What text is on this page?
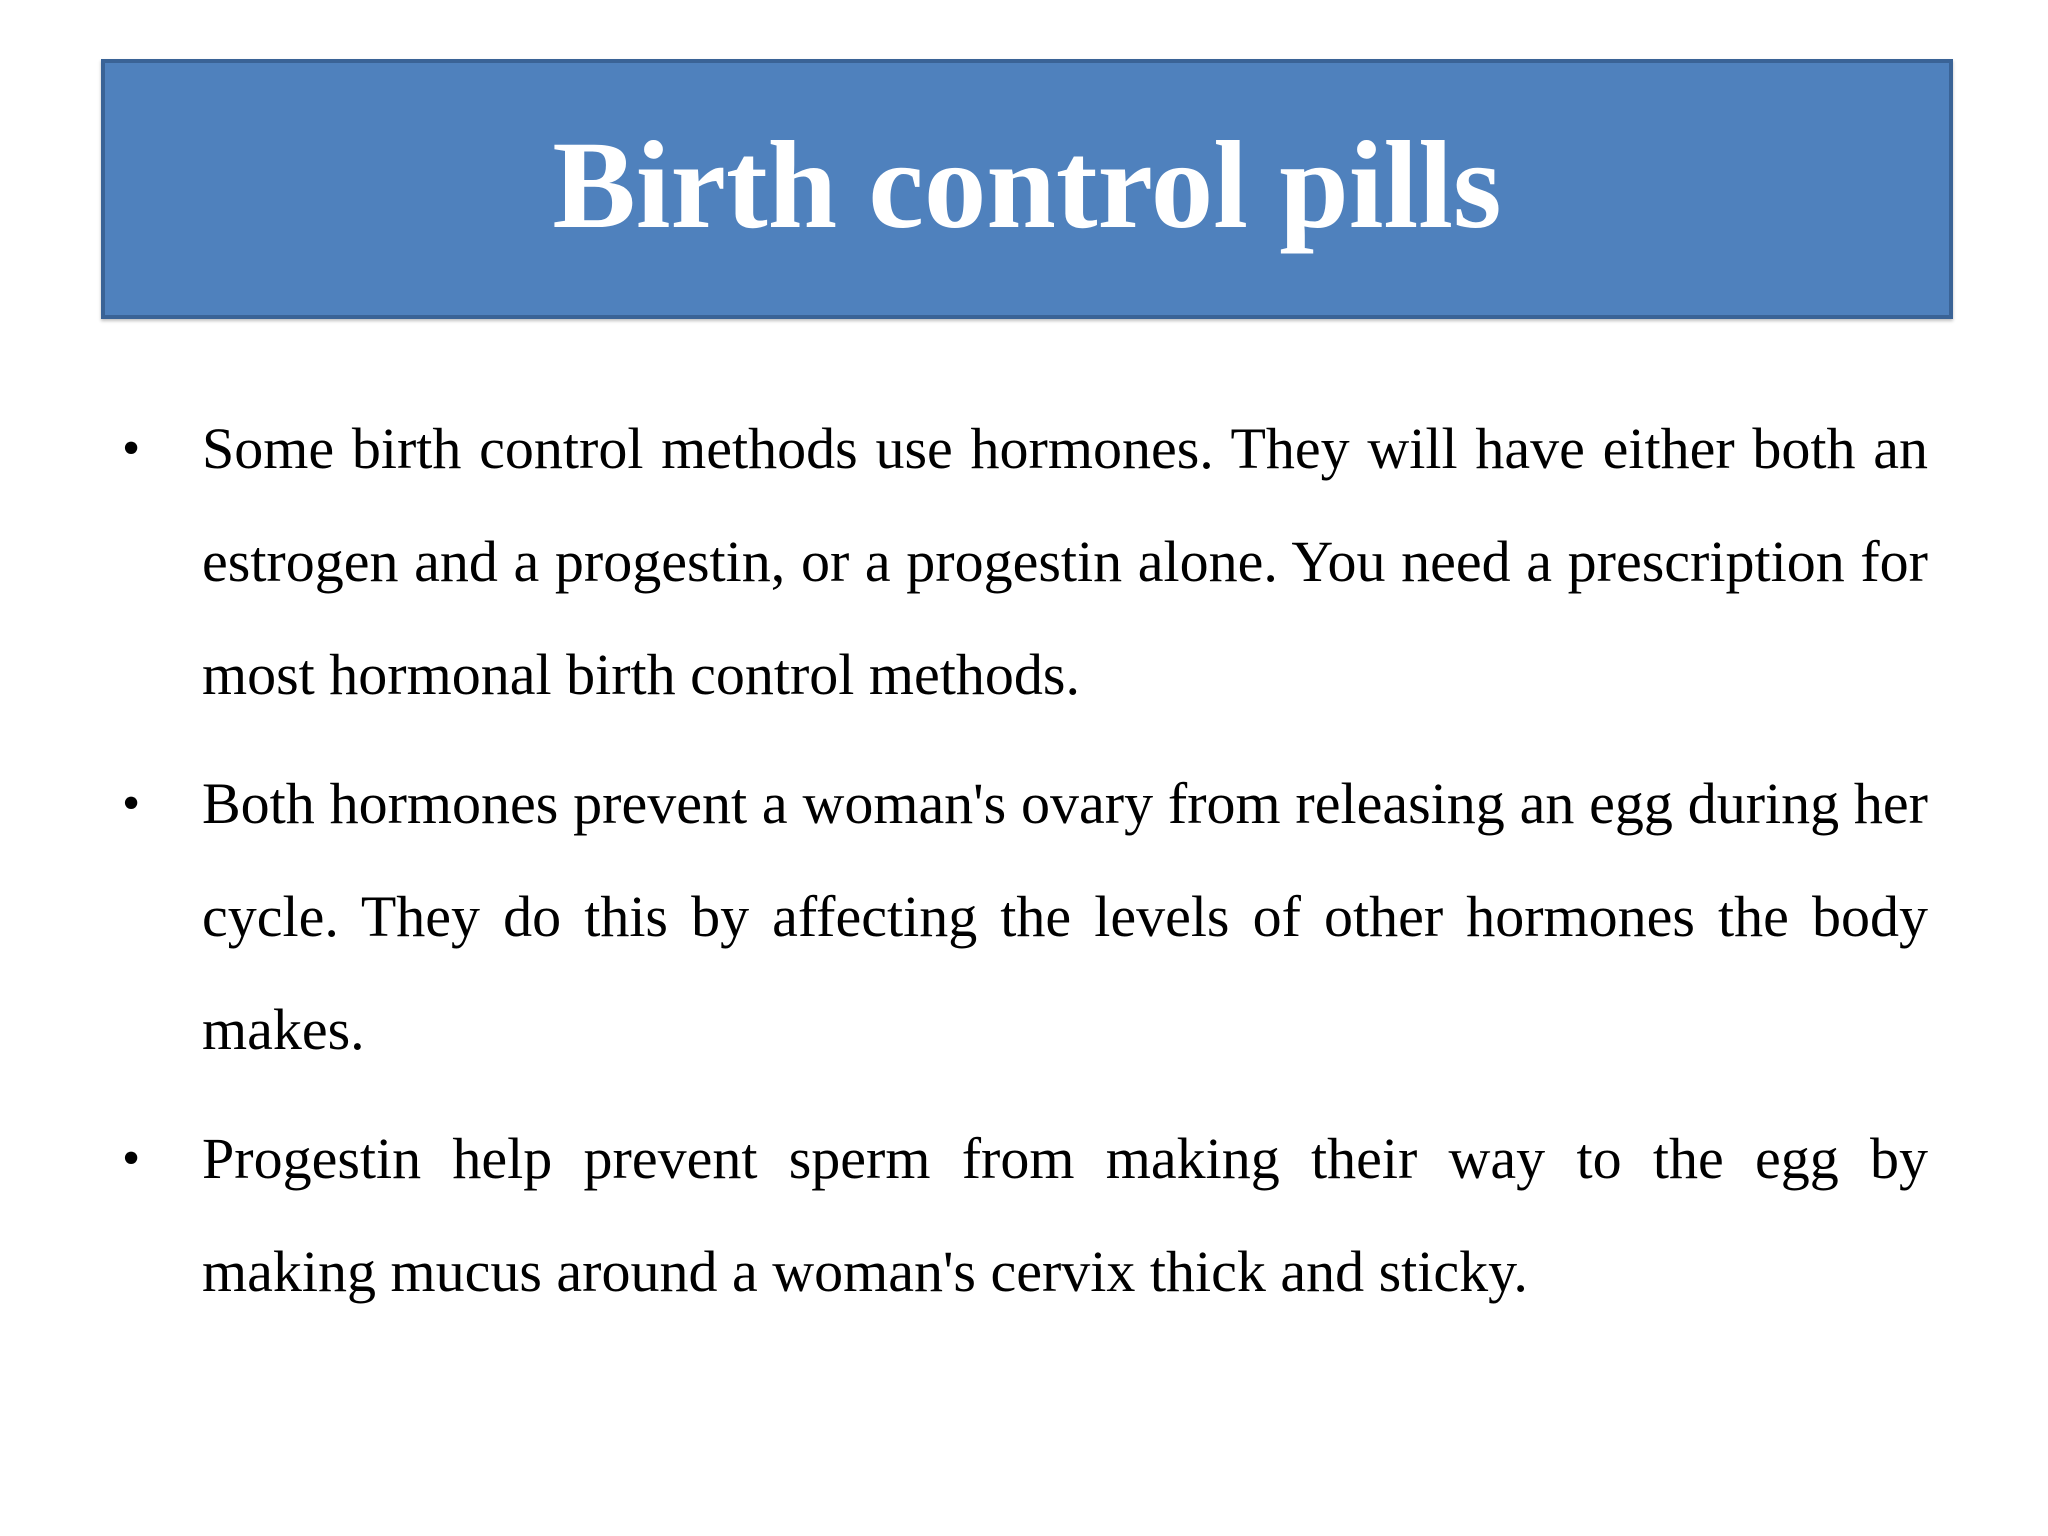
Birth control pills
• Some birth control methods use hormones. They will have either both an estrogen and a progestin, or a progestin alone. You need a prescription for most hormonal birth control methods.
• Both hormones prevent a woman's ovary from releasing an egg during her cycle. They do this by affecting the levels of other hormones the body makes.
• Progestin help prevent sperm from making their way to the egg by making mucus around a woman's cervix thick and sticky.
